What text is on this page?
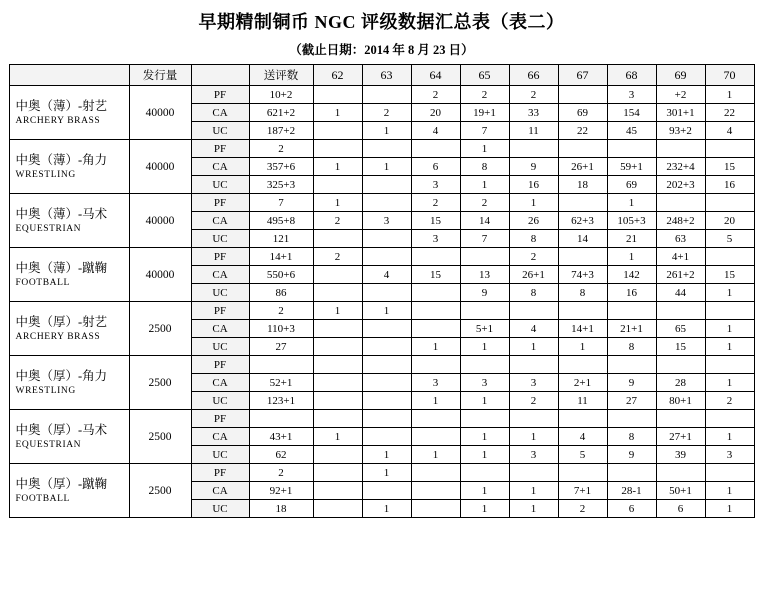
早期精制铜币 NGC 评级数据汇总表（表二）
（截止日期：2014 年 8 月 23 日）
	发行量		送评数	62	63	64	65	66	67	68	69	70

中奥（薄）-射艺
ARCHERY BRASS	40000	PF	10+2			2	2	2		3	+2	1
		CA	621+2	1	2	20	19+1	33	69	154	301+1	22
		UC	187+2		1	4	7	11	22	45	93+2	4

中奥（薄）-角力
WRESTLING	40000	PF	2				1					
		CA	357+6	1	1	6	8	9	26+1	59+1	232+4	15
		UC	325+3			3	1	16	18	69	202+3	16

中奥（薄）-马术
EQUESTRIAN	40000	PF	7	1		2	2	1		1		
		CA	495+8	2	3	15	14	26	62+3	105+3	248+2	20
		UC	121			3	7	8	14	21	63	5

中奥（薄）-蹴鞠
FOOTBALL	40000	PF	14+1	2				2		1	4+1	
		CA	550+6		4	15	13	26+1	74+3	142	261+2	15
		UC	86				9	8	8	16	44	1

中奥（厚）-射艺
ARCHERY BRASS	2500	PF	2	1	1							
		CA	110+3				5+1	4	14+1	21+1	65	1
		UC	27			1	1	1	1	8	15	1

中奥（厚）-角力
WRESTLING	2500	PF										
		CA	52+1			3	3	3	2+1	9	28	1
		UC	123+1			1	1	2	11	27	80+1	2

中奥（厚）-马术
EQUESTRIAN	2500	PF										
		CA	43+1	1			1	1	4	8	27+1	1
		UC	62		1	1	1	3	5	9	39	3

中奥（厚）-蹴鞠
FOOTBALL	2500	PF	2		1							
		CA	92+1				1	1	7+1	28-1	50+1	1
		UC	18		1		1	1	2	6	6	1
